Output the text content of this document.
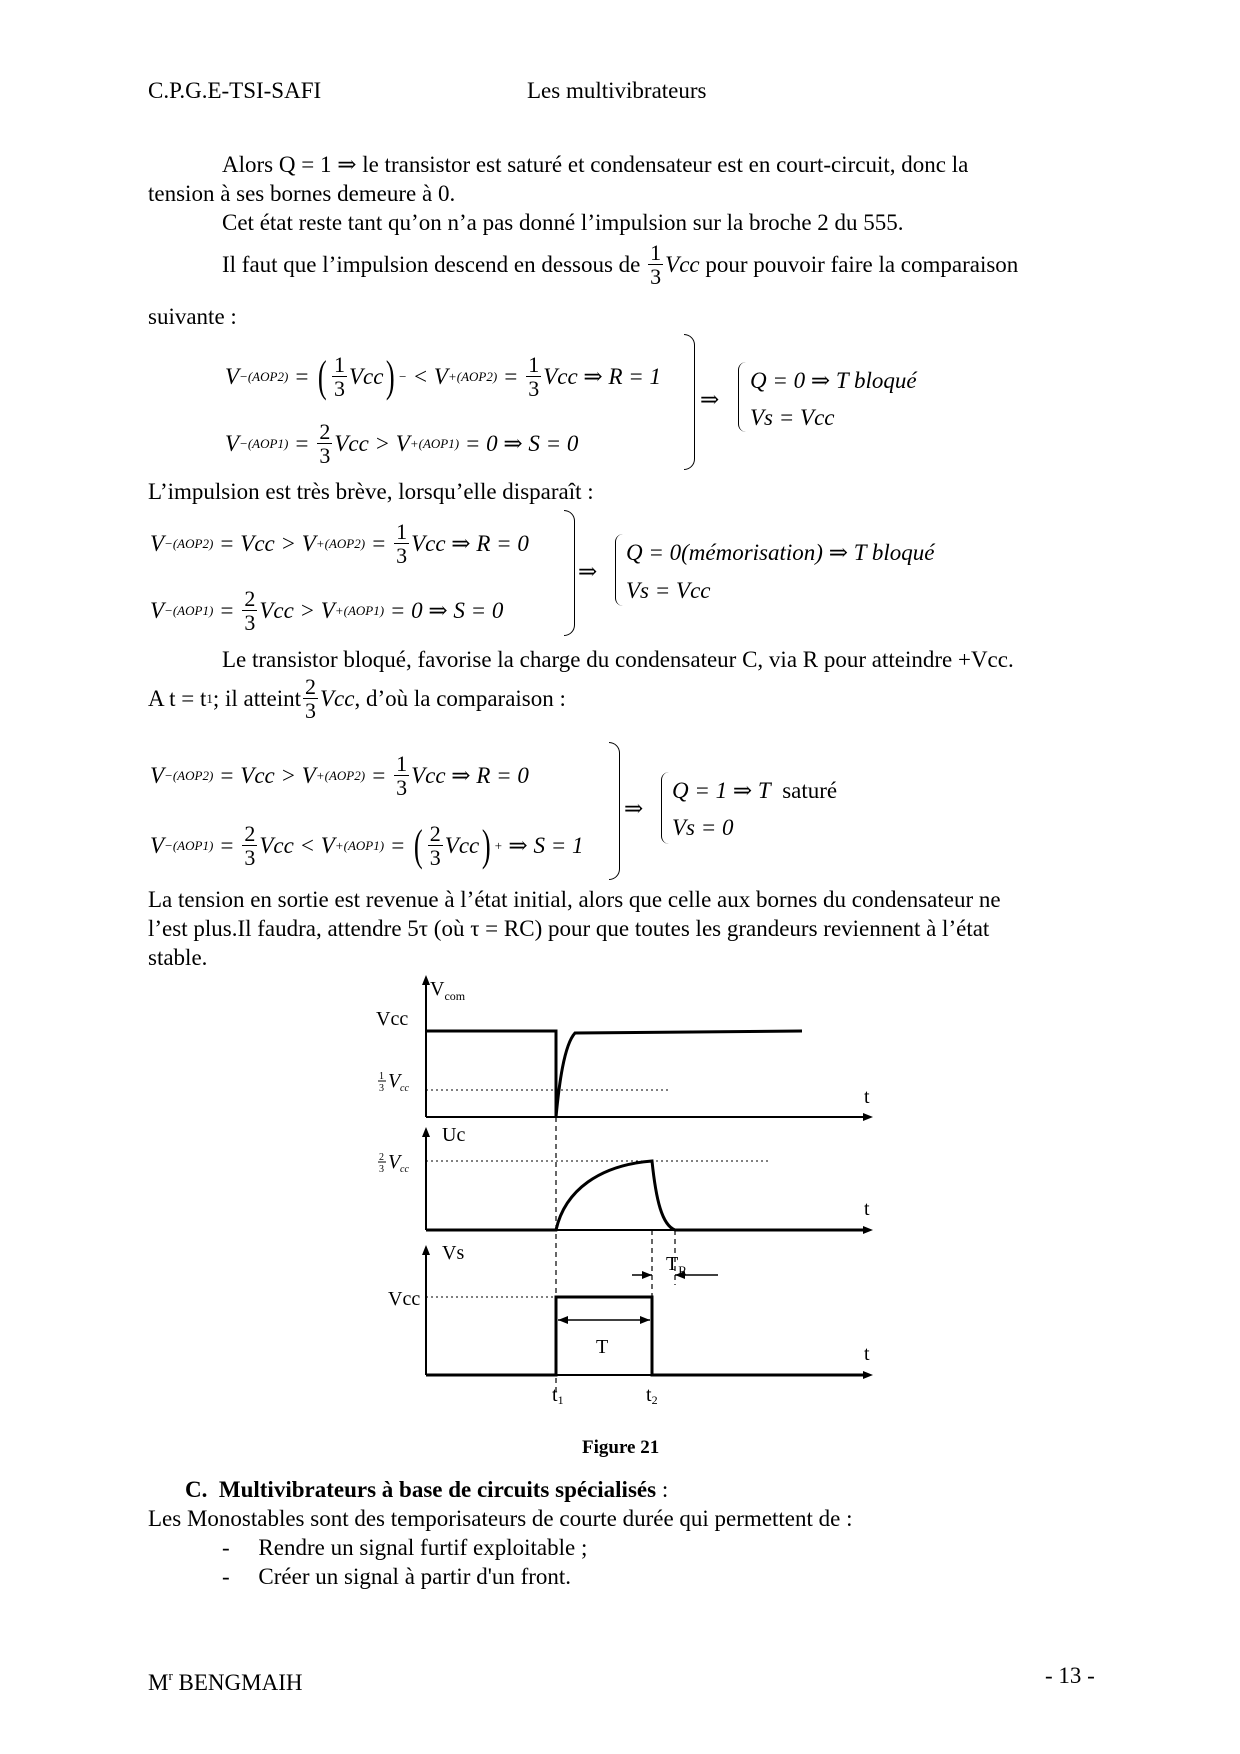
C.P.G.E-TSI-SAFI	Les multivibrateurs
Alors Q = 1 ⇒ le transistor est saturé et condensateur est en court-circuit, donc la
tension à ses bornes demeure à 0.
Cet état reste tant qu’on n’a pas donné l’impulsion sur la broche 2 du 555.
Il faut que l’impulsion descend en dessous de
$\frac{1}{3}$ Vcc
pour pouvoir faire la comparaison
suivante :
V − (AOP2) = ( $\frac{1}{3}$ Vcc ) − < $V + (AOP2) = \frac{1}{3}$ Vcc ⇒ R = 1
$V - (AOP1) = \frac{2}{3}$ Vcc > V + (AOP1)
= 0 ⇒ S = 0
⇒
Q = 0 ⇒ T bloqué
Vs = Vcc
L’impulsion est très brève, lorsqu’elle disparaît :
V − (AOP2)
= Vcc > $V + (AOP2) = \frac{1}{3}$ Vcc ⇒ R = 0
$V - (AOP1) = \frac{2}{3}$ Vcc > V + (AOP1)
= 0 ⇒ S = 0
⇒
Q = 0(mémorisation) ⇒ T bloqué
Vs = Vcc
Le transistor bloqué, favorise la charge du condensateur C, via R pour atteindre +Vcc.
A t = t 1 ; il atteint $\frac{2}{3}$ Vcc , d’où la comparaison :
V − (AOP2)
= Vcc > $V + (AOP2) = \frac{1}{3}$ Vcc ⇒ R = 0
$V - (AOP1) = \frac{2}{3}$ Vcc < V + (AOP1) = ( $\frac{2}{3}$ Vcc ) +
⇒ S = 1
⇒
Q = 1 ⇒ T saturé
Vs = 0
La tension en sortie est revenue à l’état initial, alors que celle aux bornes du condensateur ne
l’est plus.Il faudra, attendre 5τ (où τ = RC) pour que toutes les grandeurs reviennent à l’état
stable.
$V_{com}$
Vcc
1
3 V cc	t
Uc
2
3 V cc
t
Vs
Vcc
t
T
$T_R$
t1	t2
Figure 21
C. Multivibrateurs à base de circuits spécialisés :
Les Monostables sont des temporisateurs de courte durée qui permettent de :
-     Rendre un signal furtif exploitable ;
-     Créer un signal à partir d'un front.
$M^r$ BENGMAIH	- 13 -
